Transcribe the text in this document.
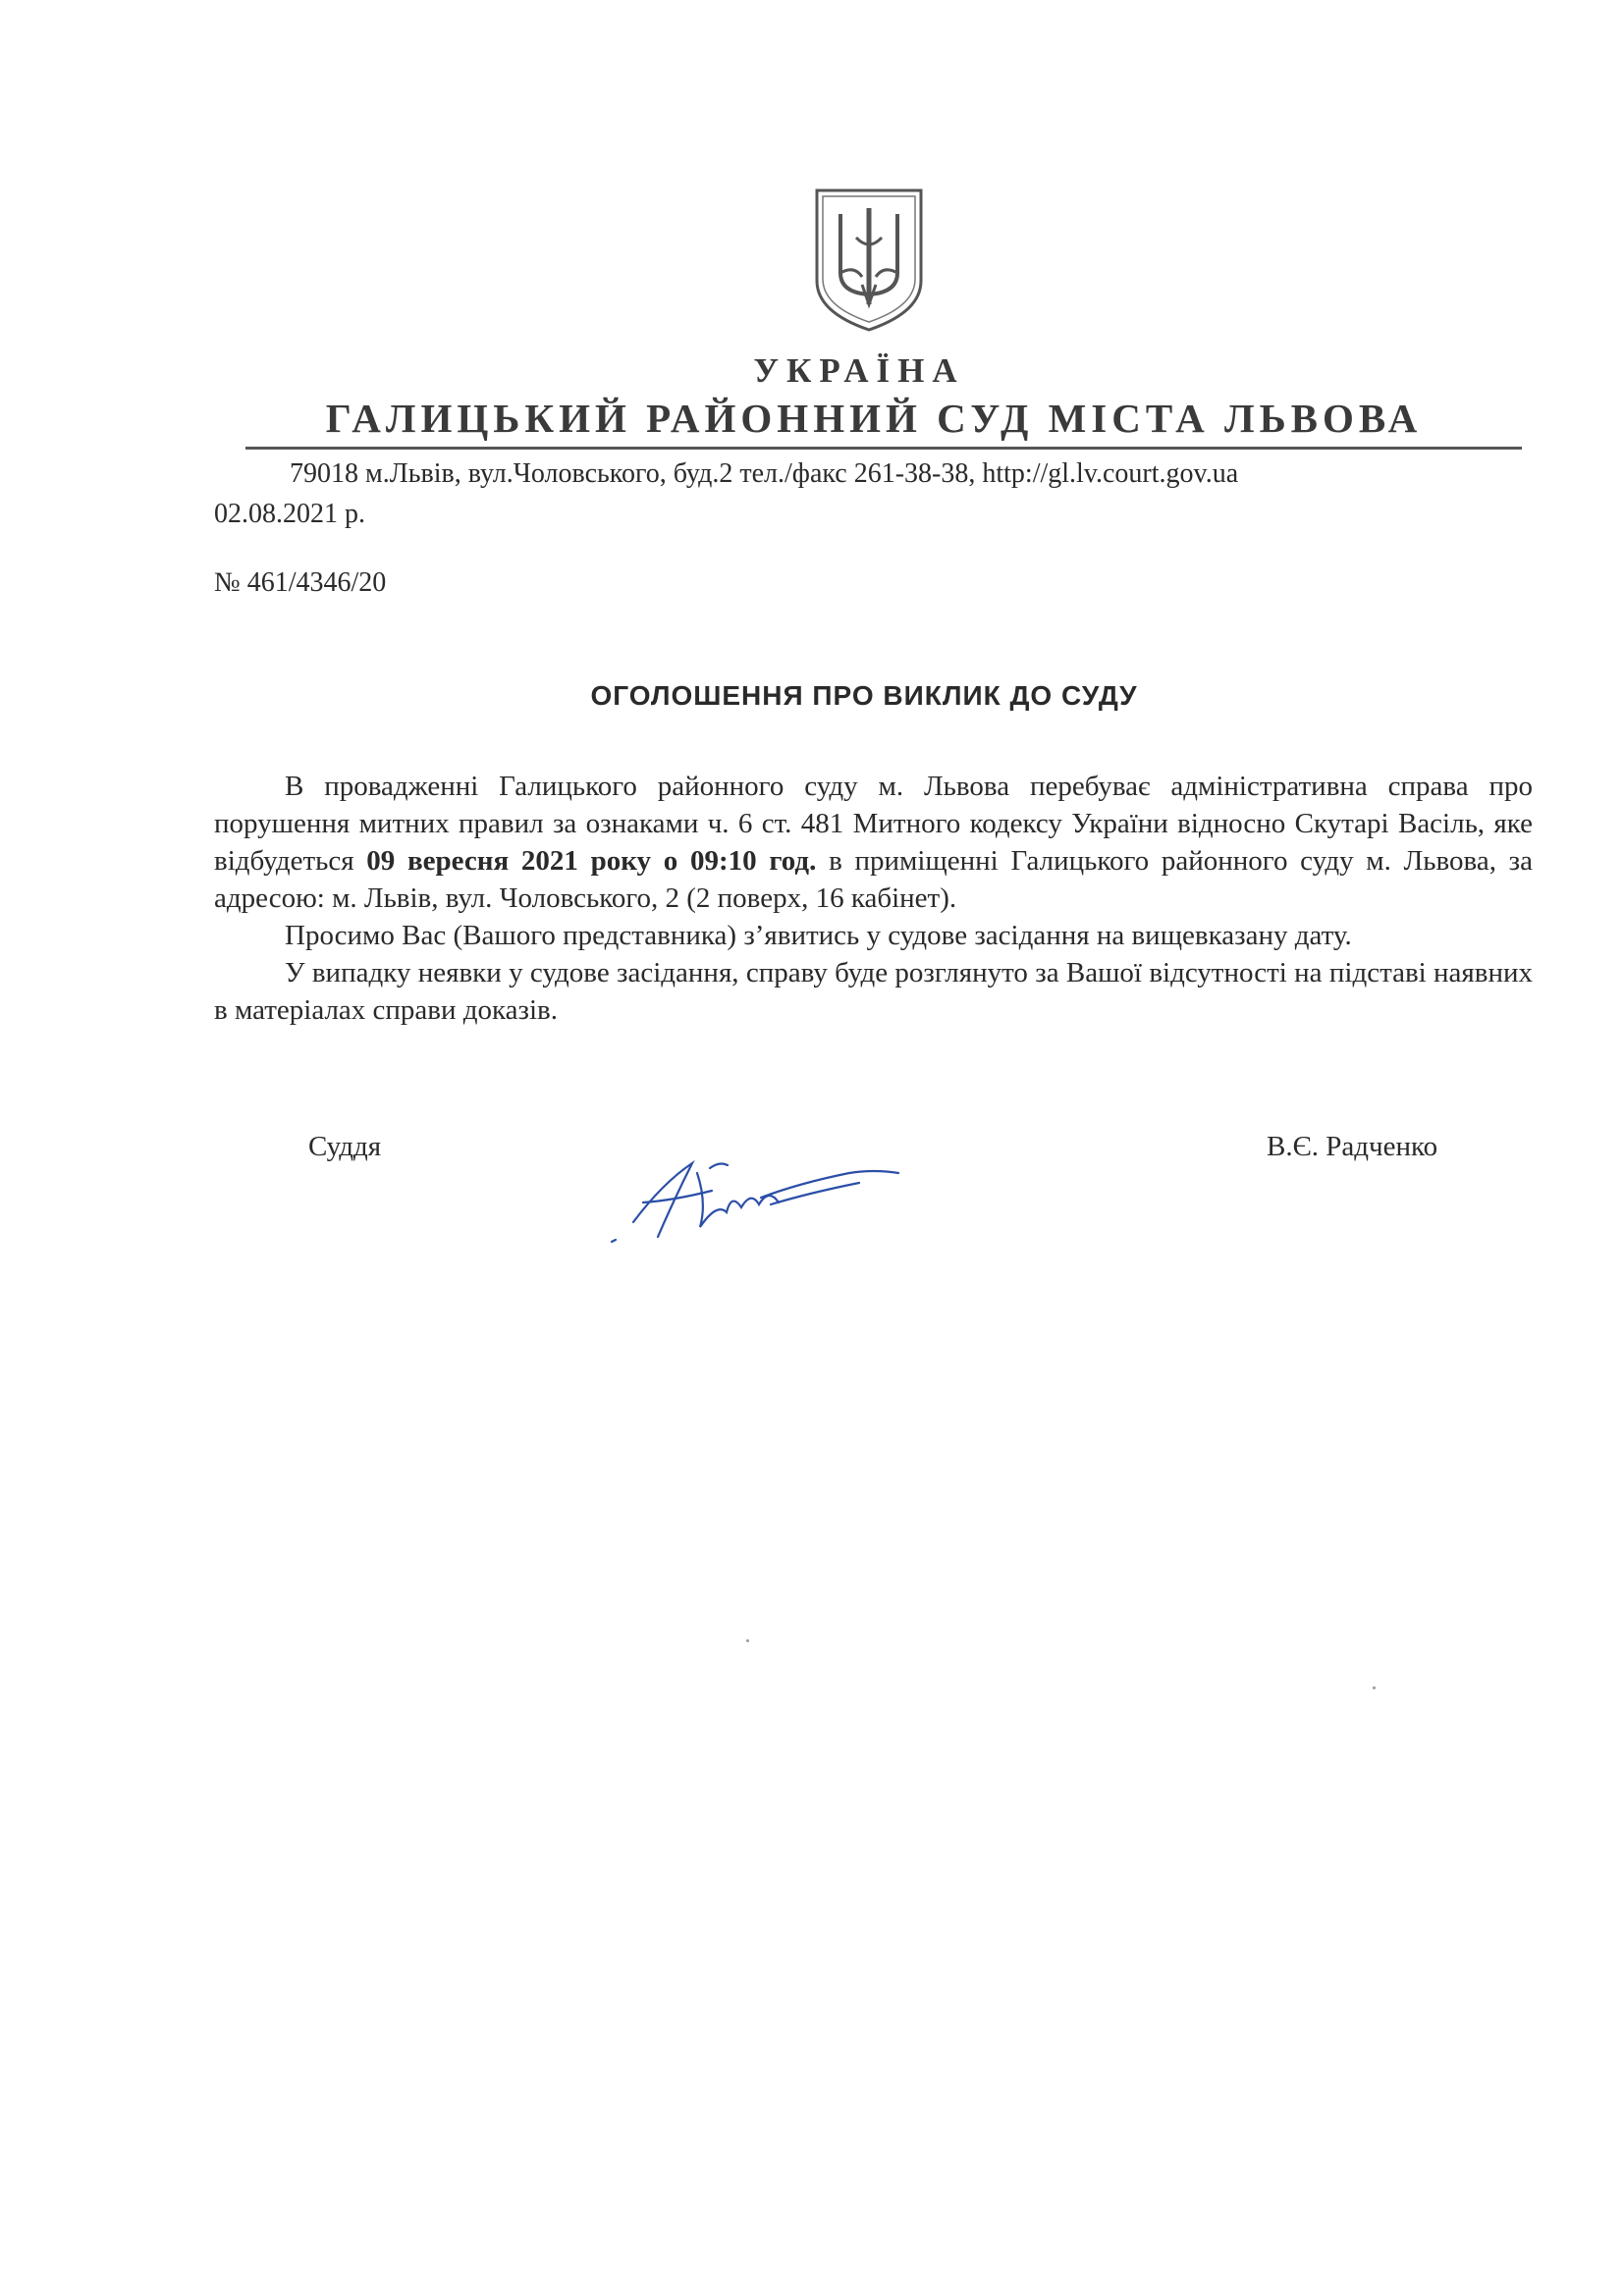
УКРАЇНА
ГАЛИЦЬКИЙ РАЙОННИЙ СУД МІСТА ЛЬВОВА
79018 м.Львів, вул.Чоловського, буд.2 тел./факс 261-38-38, http://gl.lv.court.gov.ua
02.08.2021 р.
№ 461/4346/20
ОГОЛОШЕННЯ ПРО ВИКЛИК ДО СУДУ

В провадженні Галицького районного суду м. Львова перебуває адміністративна справа про порушення митних правил за ознаками ч. 6 ст. 481 Митного кодексу України відносно Скутарі Васіль, яке відбудеться 09 вересня 2021 року о 09:10 год. в приміщенні Галицького районного суду м. Львова, за адресою: м. Львів, вул. Чоловського, 2 (2 поверх, 16 кабінет).

Просимо Вас (Вашого представника) з’явитись у судове засідання на вищевказану дату.

У випадку неявки у судове засідання, справу буде розглянуто за Вашої відсутності на підставі наявних в матеріалах справи доказів.

Суддя	В.Є. Радченко
